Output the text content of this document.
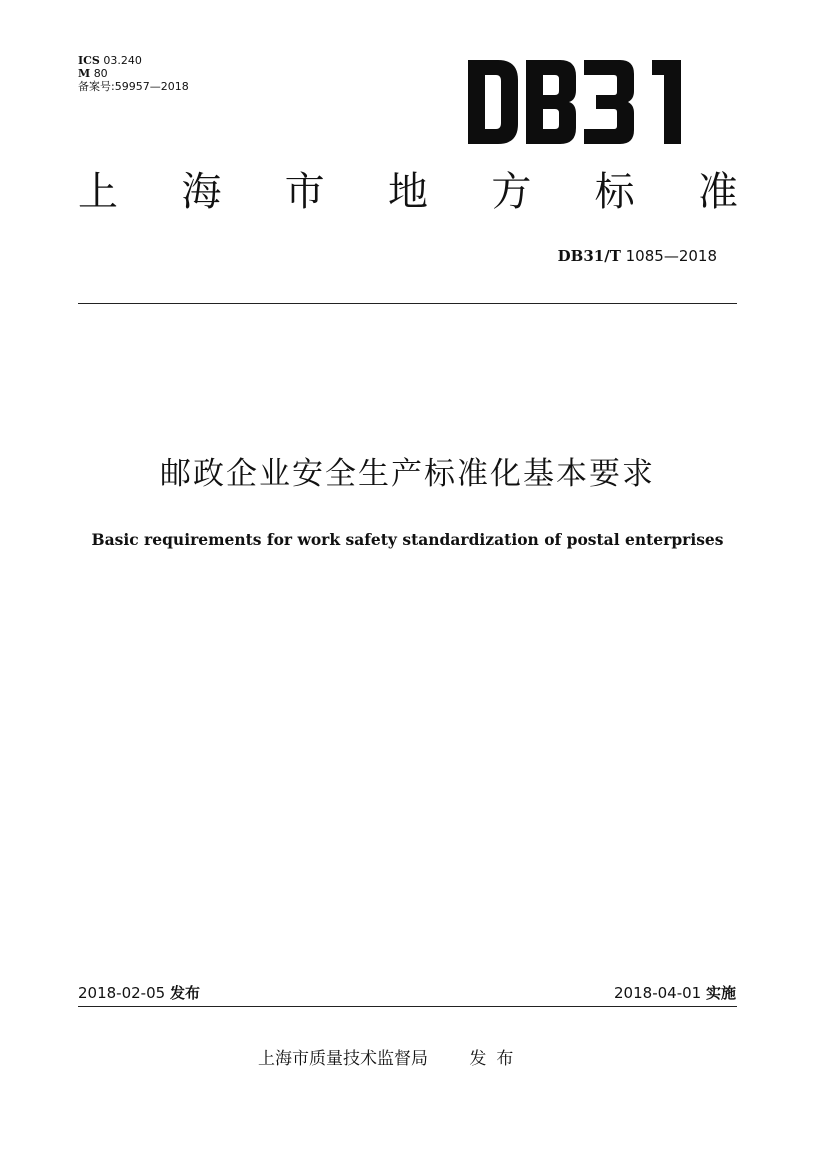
ICS 03.240
M 80
备案号:59957—2018
上 海 市 地 方 标 准
DB31/T 1085—2018
邮政企业安全生产标准化基本要求
Basic requirements for work safety standardization of postal enterprises
2018-02-05 发布	2018-04-01 实施
上海市质量技术监督局 发布
